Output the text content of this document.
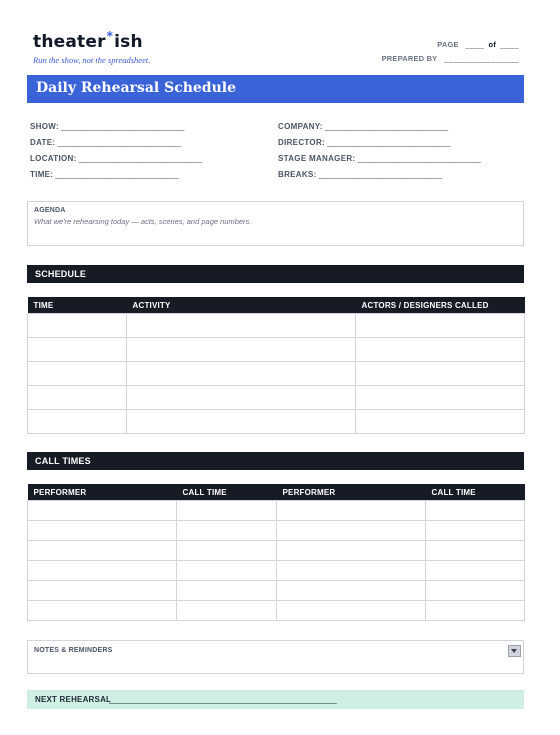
theater * ish
Run the show, not the spreadsheet.
PAGE ____ of ____
PREPARED BY ________________
Daily Rehearsal Schedule
SHOW: __________________________
DATE: __________________________
LOCATION: __________________________
TIME: __________________________
COMPANY: __________________________
DIRECTOR: __________________________
STAGE MANAGER: __________________________
BREAKS: __________________________
AGENDA
What we're rehearsing today — acts, scenes, and page numbers.
SCHEDULE
TIME	ACTIVITY	ACTORS / DESIGNERS CALLED

CALL TIMES
PERFORMER	CALL TIME	PERFORMER	CALL TIME

NOTES & REMINDERS
NEXT REHEARSAL
________________________________________________
